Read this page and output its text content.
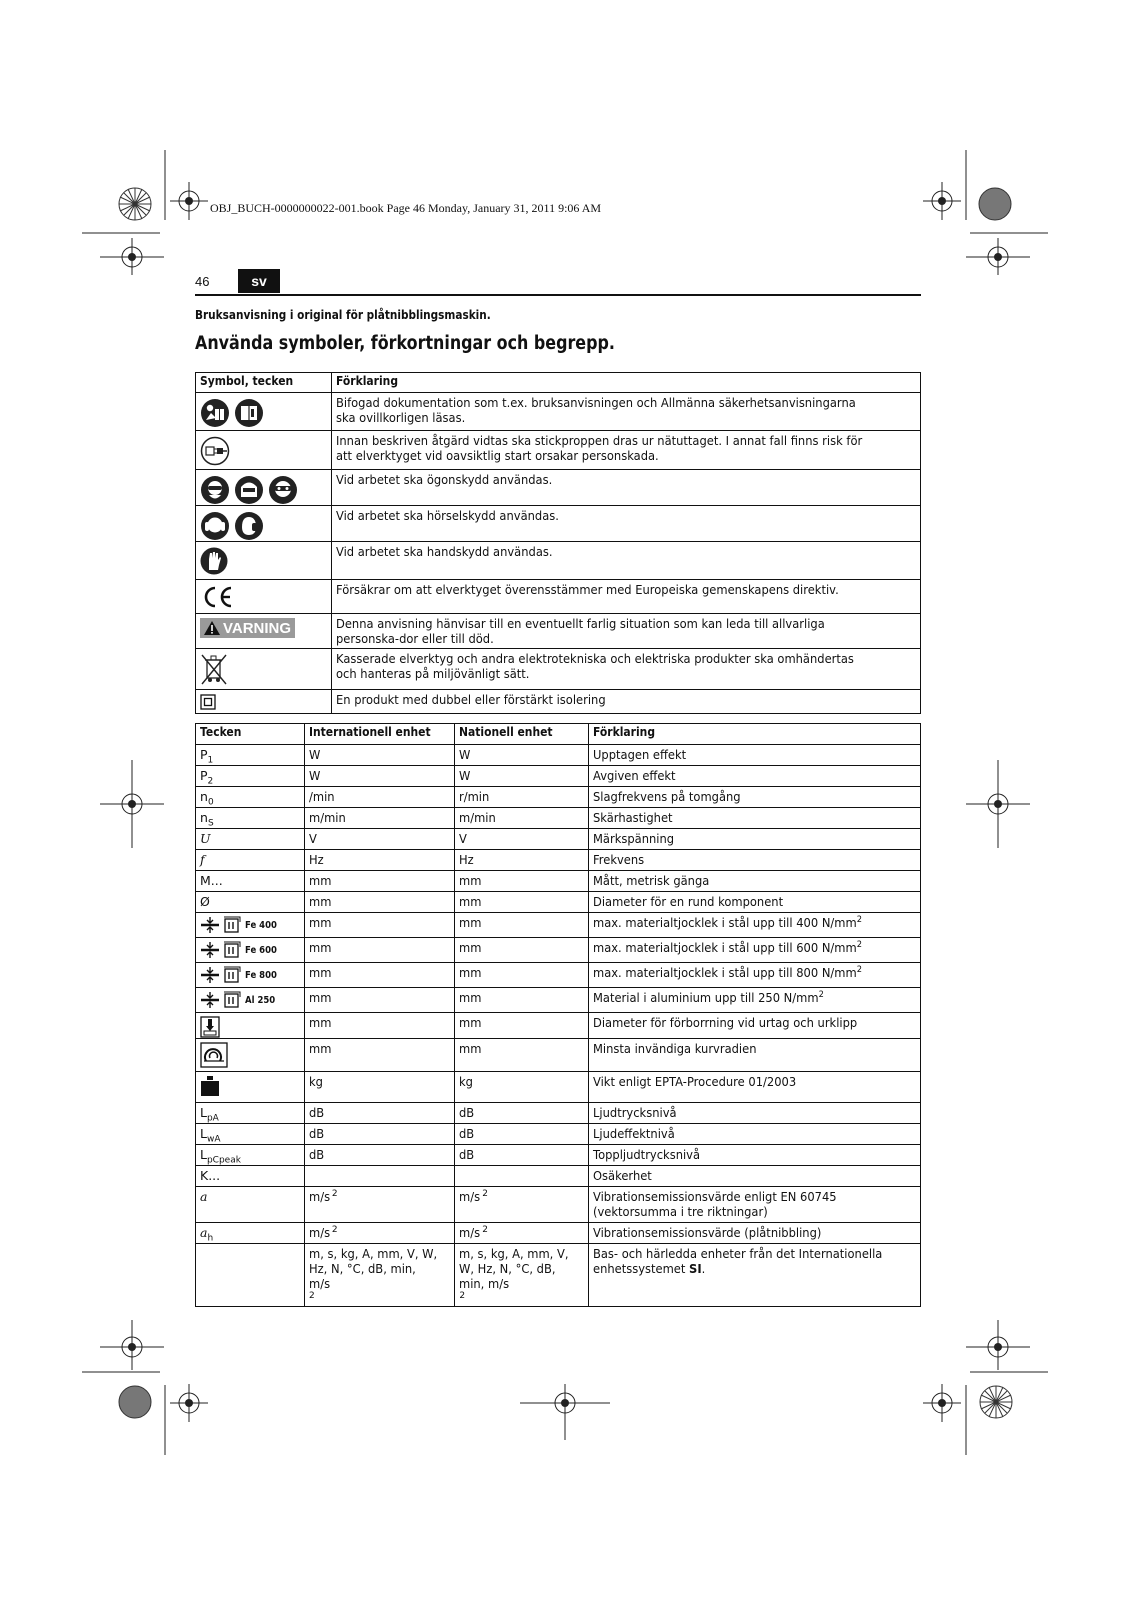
OBJ_BUCH-0000000022-001.book Page 46 Monday, January 31, 2011 9:06 AM
46	sv
Bruksanvisning i original för plåtnibblingsmaskin.
Använda symboler, förkortningar och begrepp.
Symbol, tecken	Förklaring

	Bifogad dokumentation som t.ex. bruksanvisningen och Allmänna säkerhetsanvisningarna ska ovillkorligen läsas.
	Innan beskriven åtgärd vidtas ska stickproppen dras ur nätuttaget. I annat fall finns risk för att elverktyget vid oavsiktlig start orsakar personskada.

	Vid arbetet ska ögonskydd användas.

	Vid arbetet ska hörselskydd användas.
	Vid arbetet ska handskydd användas.
	Försäkrar om att elverktyget överensstämmer med Europeiska gemenskapens direktiv.

VARNING	Denna anvisning hänvisar till en eventuellt farlig situation som kan leda till allvarliga personska-dor eller till död.
	Kasserade elverktyg och andra elektrotekniska och elektriska produkter ska omhändertas och hanteras på miljövänligt sätt.
	En produkt med dubbel eller förstärkt isolering
Tecken	Internationell enhet	Nationell enhet	Förklaring
$P_1$	W	W	Upptagen effekt
$P_2$	W	W	Avgiven effekt
$n_0$	/min	r/min	Slagfrekvens på tomgång
$n_S$	m/min	m/min	Skärhastighet
U	V	V	Märkspänning
f	Hz	Hz	Frekvens
M...	mm	mm	Mått, metrisk gänga
Ø	mm	mm	Diameter för en rund komponent

Fe 400	mm	mm	max. materialtjocklek i stål upp till 400 $N/mm^2$

Fe 600	mm	mm	max. materialtjocklek i stål upp till 600 $N/mm^2$

Fe 800	mm	mm	max. materialtjocklek i stål upp till 800 $N/mm^2$

Al 250	mm	mm	Material i aluminium upp till 250 $N/mm^2$

	mm	mm	Diameter för förborrning vid urtag och urklipp

	mm	mm	Minsta invändiga kurvradien

	kg	kg	Vikt enligt EPTA-Procedure 01/2003
$L_{pA}$	dB	dB	Ljudtrycksnivå
$L_{wA}$	dB	dB	Ljudeffektnivå
$L_{pCpeak}$	dB	dB	Toppljudtrycksnivå
K...			Osäkerhet
a	m/s $^2$	m/s $^2$	Vibrationsemissionsvärde enligt EN 60745 (vektorsumma i tre riktningar)
$a_h$	m/s $^2$	m/s $^2$	Vibrationsemissionsvärde (plåtnibbling)
	m, s, kg, A, mm, V, W, Hz, N, °C, dB, min, $m/s^2$	m, s, kg, A, mm, V, W, Hz, N, °C, dB, min, $m/s^2$	Bas- och härledda enheter från det Internationella enhetssystemet SI.
